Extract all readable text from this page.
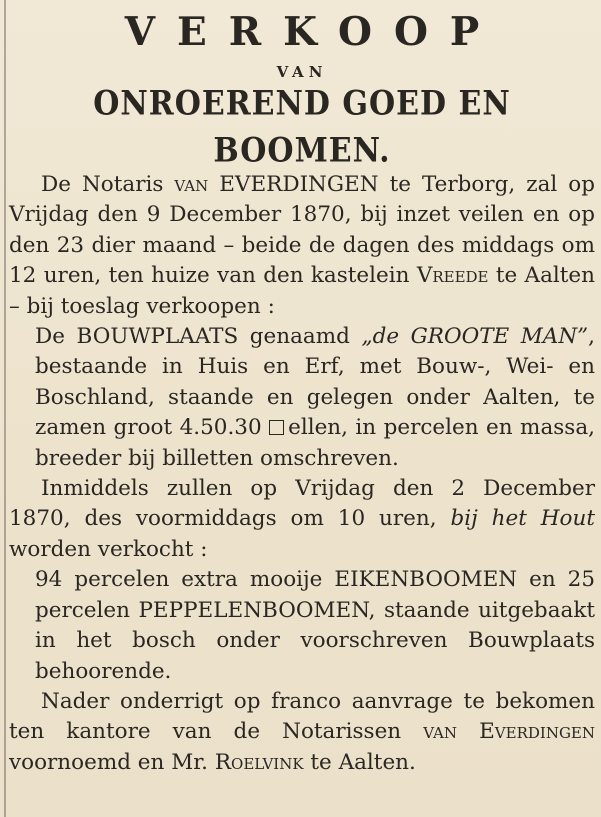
VERKOOP
VAN
ONROEREND GOED EN BOOMEN.

De Notaris van EVERDINGEN te Terborg, zal op Vrijdag den 9 December 1870, bij inzet veilen en op den 23 dier maand – beide de dagen des middags om 12 uren, ten huize van den kastelein Vreede te Aalten – bij toeslag verkoopen :

De BOUWPLAATS genaamd „de GROOTE MAN”, bestaande in Huis en Erf, met Bouw-, Wei- en Boschland, staande en gelegen onder Aalten, te zamen groot 4.50.30 ellen, in percelen en massa, breeder bij billetten omschreven.

Inmiddels zullen op Vrijdag den 2 December 1870, des voormiddags om 10 uren, bij het Hout worden verkocht :

94 percelen extra mooije EIKENBOOMEN en 25 percelen PEPPELENBOOMEN, staande uitgebaakt in het bosch onder voorschreven Bouwplaats behoorende.

Nader onderrigt op franco aanvrage te bekomen ten kantore van de Notarissen van Everdingen voornoemd en Mr. Roelvink te Aalten.
